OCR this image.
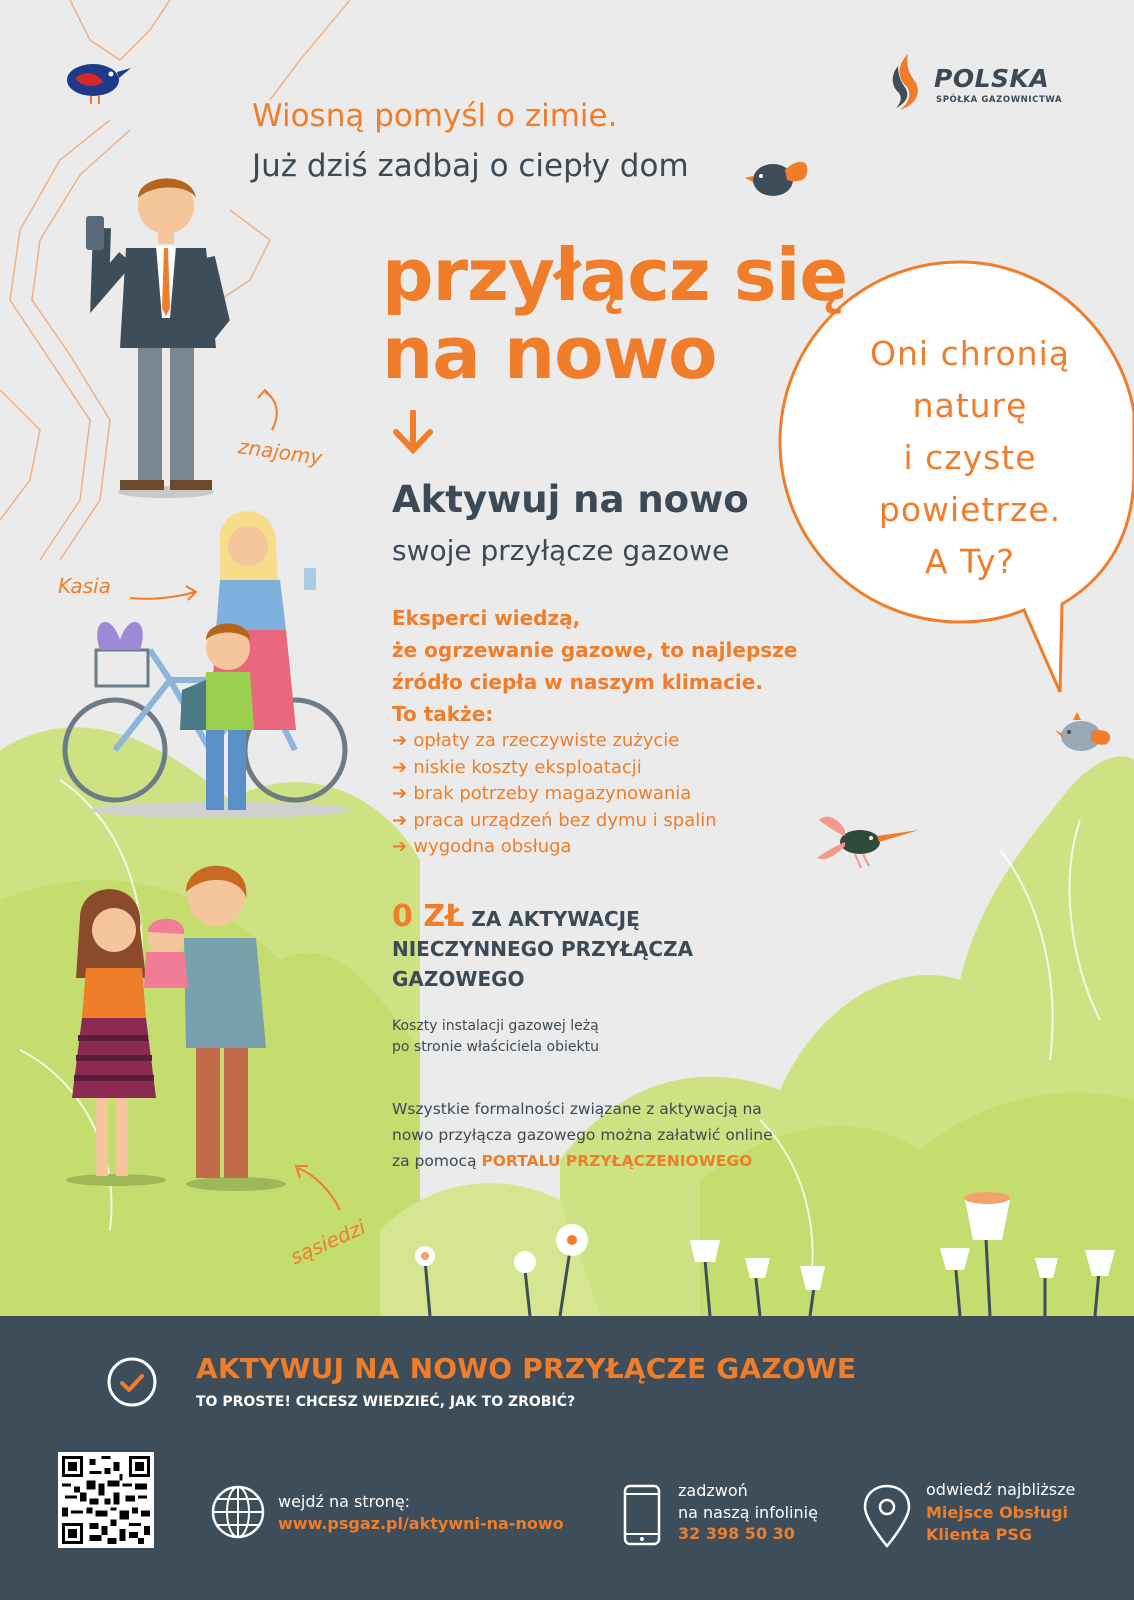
Oni chronią
naturę
i czyste
powietrze.
A Ty?
znajomy
Kasia
sąsiedzi
POLSKA
SPÓŁKA GAZOWNICTWA
Wiosną pomyśl o zimie.
Już dziś zadbaj o ciepły dom
przyłącz się
na nowo
Aktywuj na nowo
swoje przyłącze gazowe
Eksperci wiedzą,
że ogrzewanie gazowe, to najlepsze
źródło ciepła w naszym klimacie.
To także:
➔ opłaty za rzeczywiste zużycie
➔ niskie koszty eksploatacji
➔ brak potrzeby magazynowania
➔ praca urządzeń bez dymu i spalin
➔ wygodna obsługa
0 ZŁ ZA AKTYWACJĘ
NIECZYNNEGO PRZYŁĄCZA
GAZOWEGO
Koszty instalacji gazowej leżą
po stronie właściciela obiektu
Wszystkie formalności związane z aktywacją na
nowo przyłącza gazowego można załatwić online
za pomocą PORTALU PRZYŁĄCZENIOWEGO
AKTYWUJ NA NOWO PRZYŁĄCZE GAZOWE
TO PROSTE! CHCESZ WIEDZIEĆ, JAK TO ZROBIĆ?
wejdź na stronę:
www.psgaz.pl/aktywni-na-nowo
zadzwoń
na naszą infolinię
32 398 50 30
odwiedź najbliższe
Miejsce Obsługi
Klienta PSG
